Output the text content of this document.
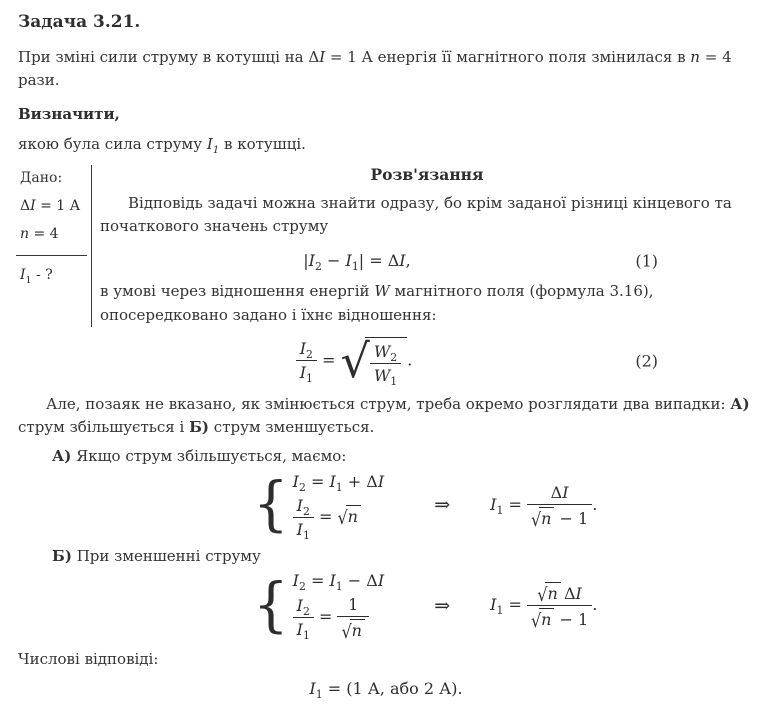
Задача 3.21.
При зміні сили струму в котушці на ΔI = 1 А енергія її магнітного поля змінилася в n = 4 рази.
Визначити,
якою була сила струму $I_1$ в котушці.
Дано:
ΔI = 1 А
n = 4
$I_1$ - ?
Розв'язання
Відповідь задачі можна знайти одразу, бо крім заданої різниці кінцевого та початкового значень струму
$|I_2 - I_1| = \Delta I$,	(1)
в умові через відношення енергій W магнітного поля (формула 3.16), опосередковано задано і їхнє відношення:
$\frac{I_2}{I_1}$ = √ $\frac{W_2}{W_1}$ .	(2)
Але, позаяк не вказано, як змінюється струм, треба окремо розглядати два випадки: А) струм збільшується і Б) струм зменшується.
А) Якщо струм збільшується, маємо:
{ $I_2 = I_1 + \Delta I$
$\frac{I_2}{I_1} = √n$	⇒	$I_1 = \frac{\Delta I}{√n - 1}$ .
Б) При зменшенні струму
{ $I_2 = I_1 - \Delta I$
$\frac{I_2}{I_1} = \frac{1}{√n}$	⇒	$I_1 = \frac{\text{√n  ΔI}}{√n - 1}$ .
Числові відповіді:
$I_1 = (1$ А, або 2 А).
